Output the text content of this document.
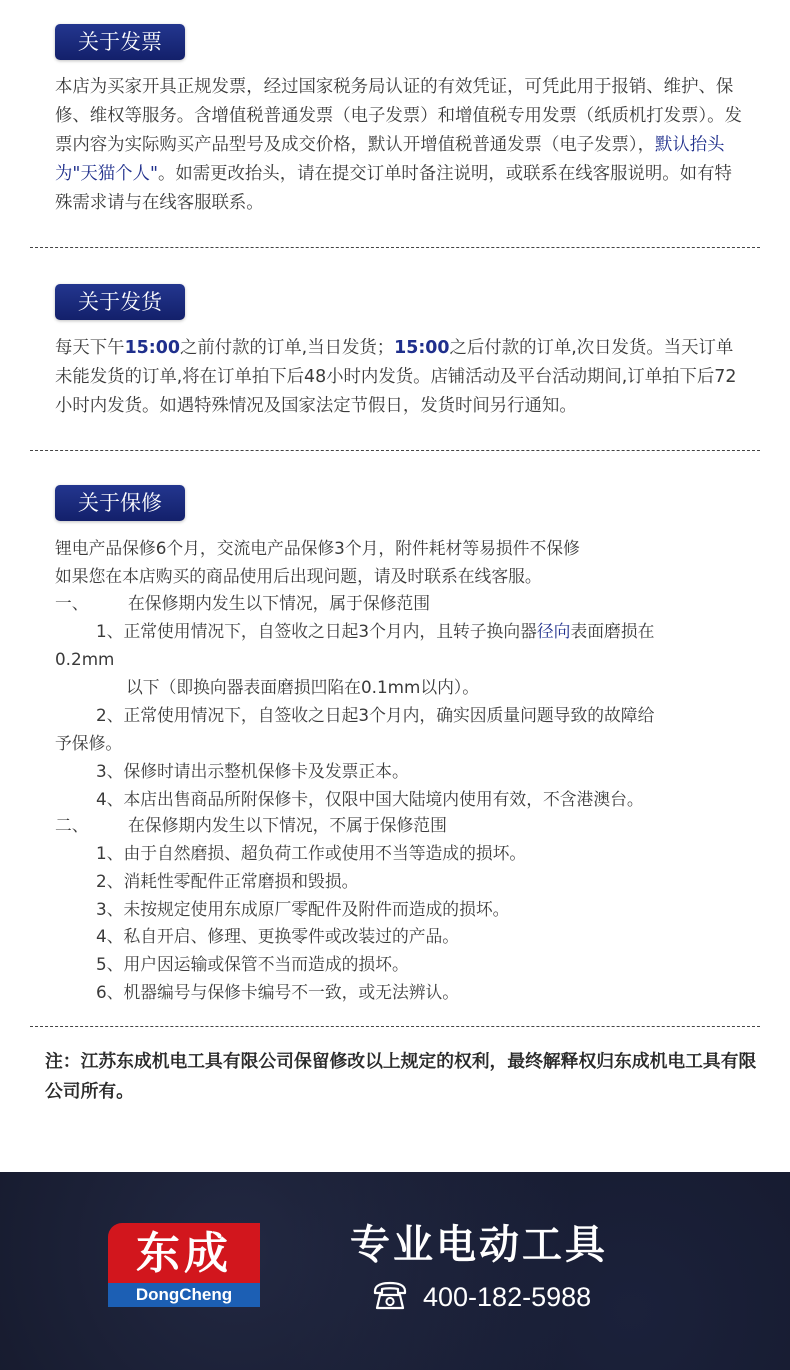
关于发票

本店为买家开具正规发票，经过国家税务局认证的有效凭证，可凭此用于报销、维护、保修、维权等服务。含增值税普通发票（电子发票）和增值税专用发票（纸质机打发票）。发票内容为实际购买产品型号及成交价格，默认开增值税普通发票（电子发票），默认抬头为"天猫个人"。如需更改抬头，请在提交订单时备注说明，或联系在线客服说明。如有特殊需求请与在线客服联系。

关于发货

每天下午15:00之前付款的订单,当日发货；15:00之后付款的订单,次日发货。当天订单未能发货的订单,将在订单拍下后48小时内发货。店铺活动及平台活动期间,订单拍下后72小时内发货。如遇特殊情况及国家法定节假日，发货时间另行通知。

关于保修
锂电产品保修6个月，交流电产品保修3个月，附件耗材等易损件不保修
如果您在本店购买的商品使用后出现问题，请及时联系在线客服。
一、 在保修期内发生以下情况，属于保修范围
1、正常使用情况下，自签收之日起3个月内，且转子换向器径向表面磨损在
0.2mm
以下（即换向器表面磨损凹陷在0.1mm以内）。
2、正常使用情况下，自签收之日起3个月内，确实因质量问题导致的故障给
予保修。
3、保修时请出示整机保修卡及发票正本。
4、本店出售商品所附保修卡，仅限中国大陆境内使用有效，不含港澳台。
二、 在保修期内发生以下情况，不属于保修范围
1、由于自然磨损、超负荷工作或使用不当等造成的损坏。
2、消耗性零配件正常磨损和毁损。
3、未按规定使用东成原厂零配件及附件而造成的损坏。
4、私自开启、修理、更换零件或改装过的产品。
5、用户因运输或保管不当而造成的损坏。
6、机器编号与保修卡编号不一致，或无法辨认。
注：江苏东成机电工具有限公司保留修改以上规定的权利，最终解释权归东成机电工具有限公司所有。
东成
DongCheng
专业电动工具
400-182-5988
